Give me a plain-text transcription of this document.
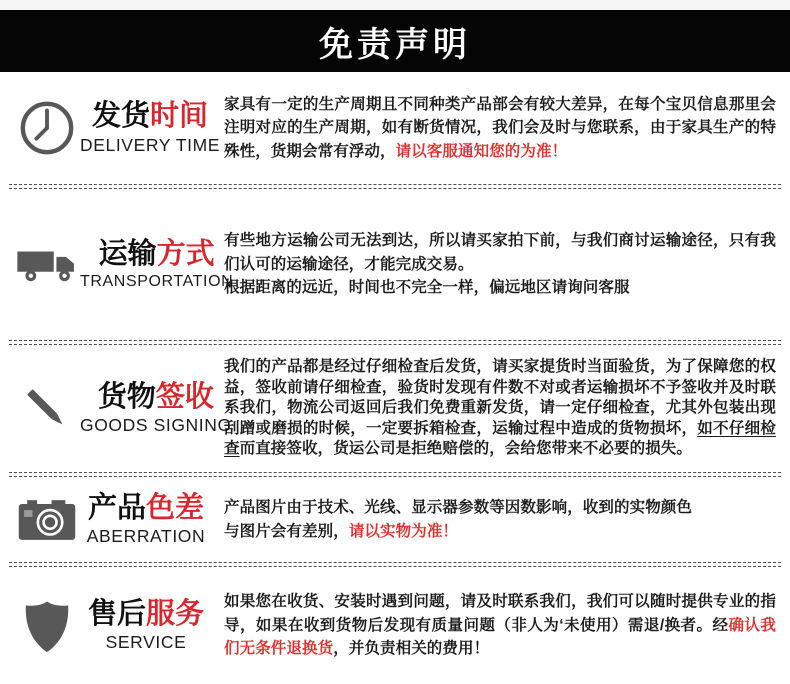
免责声明
发货时间
DELIVERY TIME
家具有一定的生产周期且不同种类产品部会有较大差异，在每个宝贝信息那里会注明对应的生产周期，如有断货情况，我们会及时与您联系，由于家具生产的特殊性，货期会常有浮动，请以客服通知您的为准！
运输方式
TRANSPORTATION
有些地方运输公司无法到达，所以请买家拍下前，与我们商讨运输途径，只有我们认可的运输途径，才能完成交易。
根据距离的远近，时间也不完全一样，偏远地区请询问客服
货物签收
GOODS SIGNING
我们的产品都是经过仔细检查后发货，请买家提货时当面验货，为了保障您的权益，签收前请仔细检查，验货时发现有件数不对或者运输损坏不予签收并及时联系我们，物流公司返回后我们免费重新发货，请一定仔细检查，尤其外包装出现刮蹭或磨损的时候，一定要拆箱检查，运输过程中造成的货物损坏，如不仔细检查而直接签收，货运公司是拒绝赔偿的，会给您带来不必要的损失。
产品色差
ABERRATION
产品图片由于技术、光线、显示器参数等因数影响，收到的实物颜色
与图片会有差别，请以实物为准！
售后服务
SERVICE
如果您在收货、安装时遇到问题，请及时联系我们，我们可以随时提供专业的指导，如果在收到货物后发现有质量问题（非人为‘未使用）需退/换者。经确认我们无条件退换货，并负责相关的费用！
